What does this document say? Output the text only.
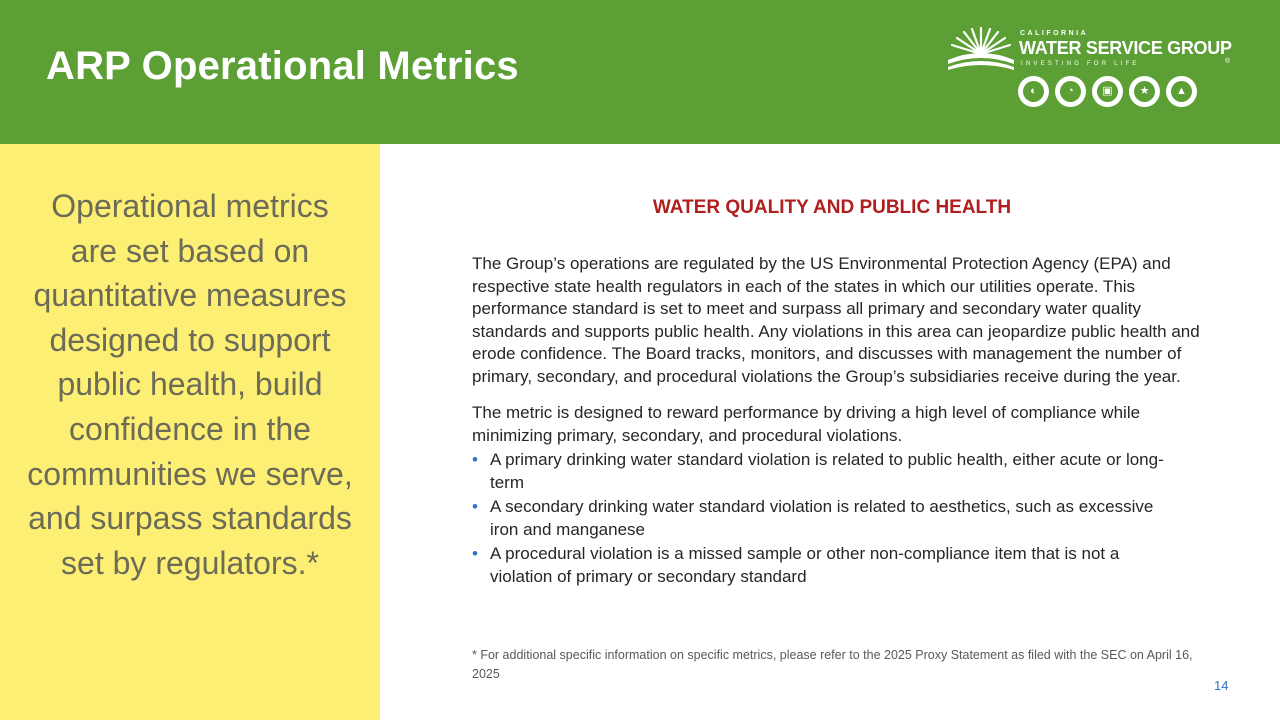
ARP Operational Metrics
CALIFORNIA
WATER SERVICE GROUP
INVESTING FOR LIFE	®
◐	◔	▣	★	▲

Operational metrics are set based on quantitative measures designed to support public health, build confidence in the communities we serve, and surpass standards set by regulators.*

WATER QUALITY AND PUBLIC HEALTH

The Group’s operations are regulated by the US Environmental Protection Agency (EPA) and respective state health regulators in each of the states in which our utilities operate. This performance standard is set to meet and surpass all primary and secondary water quality standards and supports public health. Any violations in this area can jeopardize public health and erode confidence. The Board tracks, monitors, and discusses with management the number of primary, secondary, and procedural violations the Group’s subsidiaries receive during the year.

The metric is designed to reward performance by driving a high level of compliance while minimizing primary, secondary, and procedural violations.

• A primary drinking water standard violation is related to public health, either acute or long-term
• A secondary drinking water standard violation is related to aesthetics, such as excessive iron and manganese
• A procedural violation is a missed sample or other non-compliance item that is not a violation of primary or secondary standard

* For additional specific information on specific metrics, please refer to the 2025 Proxy Statement as filed with the SEC on April 16, 2025

14
